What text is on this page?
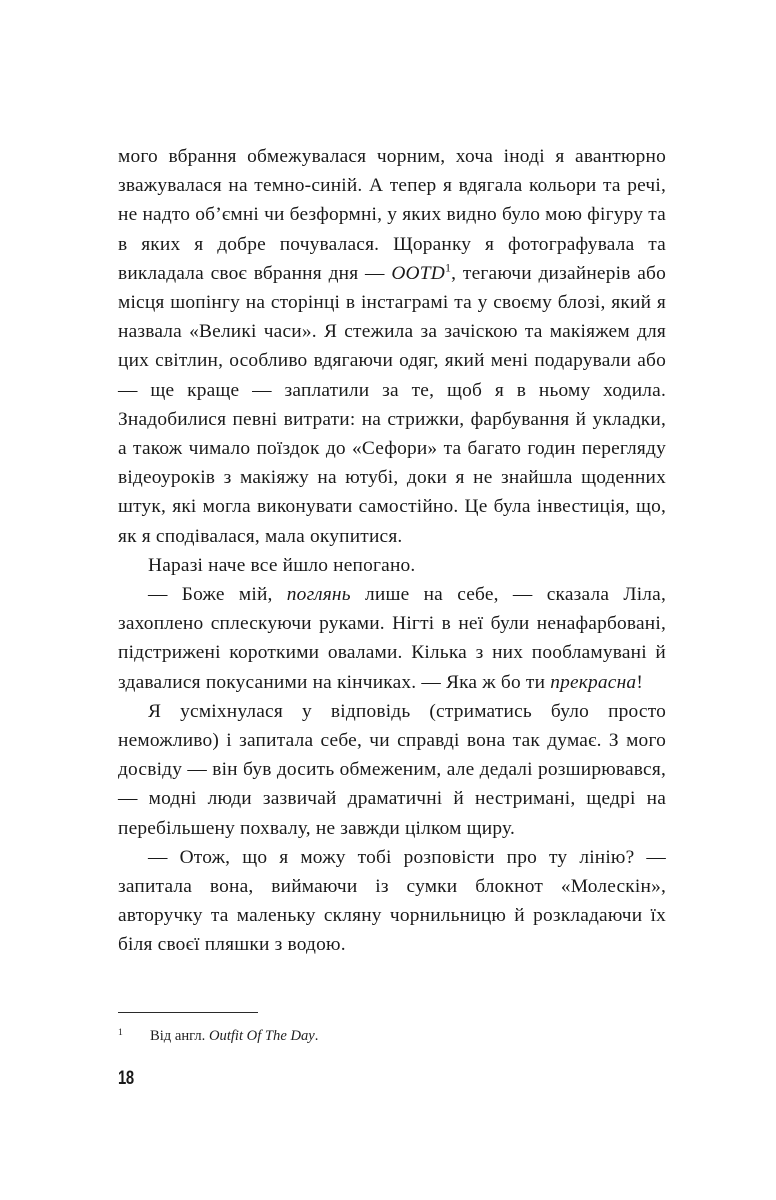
мого вбрання обмежувалася чорним, хоча іноді я авантюрно зважувалася на темно-синій. А тепер я вдягала кольори та речі, не надто об’ємні чи безформні, у яких видно було мою фігуру та в яких я добре почувалася. Щоранку я фотографувала та викладала своє вбрання дня — OOTD$^1$, тегаючи дизайнерів або місця шопінгу на сторінці в інстаграмі та у своєму блозі, який я назвала «Великі часи». Я стежила за зачіскою та макіяжем для цих світлин, особливо вдягаючи одяг, який мені подарували або — ще краще — заплатили за те, щоб я в ньому ходила. Знадобилися певні витрати: на стрижки, фарбування й укладки, а також чимало поїздок до «Сефори» та багато годин перегляду відеоуроків з макіяжу на ютубі, доки я не знайшла щоденних штук, які могла виконувати самостійно. Це була інвестиція, що, як я сподівалася, мала окупитися.

Наразі наче все йшло непогано.

— Боже мій, поглянь лише на себе, — сказала Ліла, захоплено сплескуючи руками. Нігті в неї були ненафарбовані, підстрижені короткими овалами. Кілька з них пообламувані й здавалися покусаними на кінчиках. — Яка ж бо ти прекрасна!

Я усміхнулася у відповідь (стриматись було просто неможливо) і запитала себе, чи справді вона так думає. З мого досвіду — він був досить обмеженим, але дедалі розширювався, — модні люди зазвичай драматичні й нестримані, щедрі на перебільшену похвалу, не завжди цілком щиру.

— Отож, що я можу тобі розповісти про ту лінію? — запитала вона, виймаючи із сумки блокнот «Молескін», авторучку та маленьку скляну чорнильницю й розкладаючи їх біля своєї пляшки з водою.

1	Від англ. Outfit Of The Day.
18
